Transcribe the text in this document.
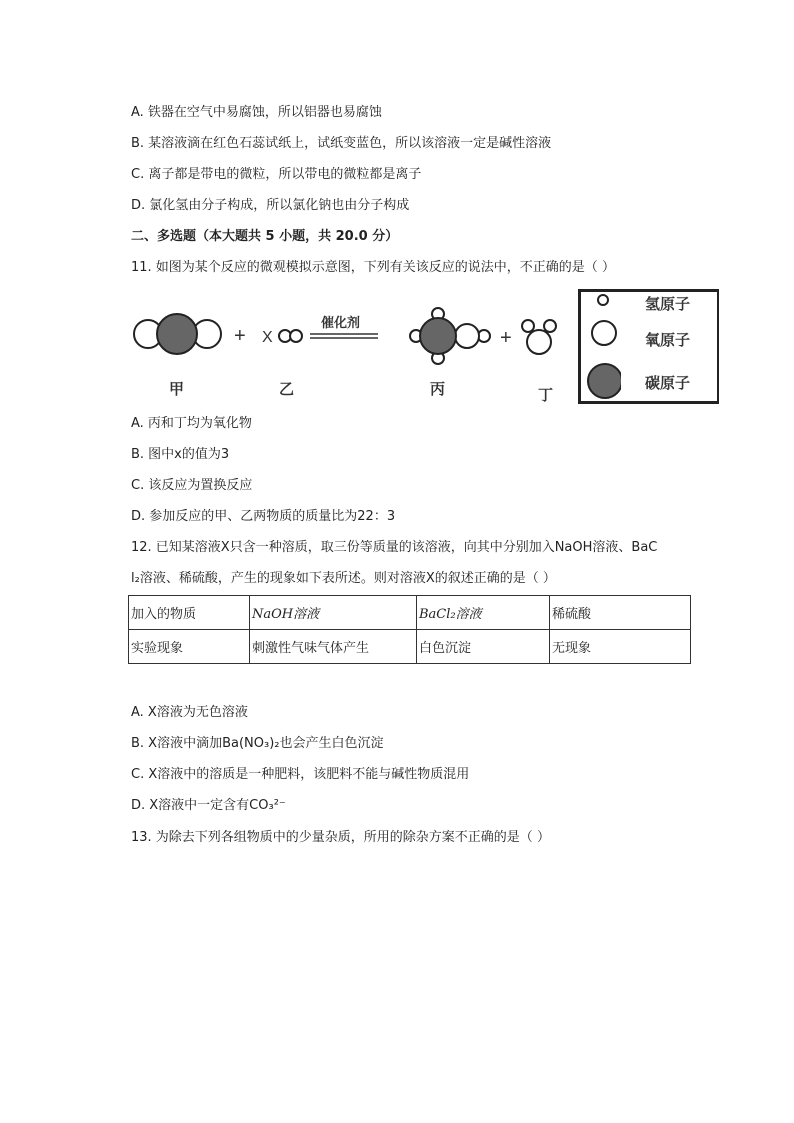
A. 铁器在空气中易腐蚀，所以铝器也易腐蚀
B. 某溶液滴在红色石蕊试纸上，试纸变蓝色，所以该溶液一定是碱性溶液
C. 离子都是带电的微粒，所以带电的微粒都是离子
D. 氯化氢由分子构成，所以氯化钠也由分子构成
二、多选题（本大题共 5 小题，共 20.0 分）
11. 如图为某个反应的微观模拟示意图，下列有关该反应的说法中，不正确的是（ ）
+ X
催化剂
+
甲	乙	丙	丁
氢原子
氧原子
碳原子
A. 丙和丁均为氧化物
B. 图中x的值为3
C. 该反应为置换反应
D. 参加反应的甲、乙两物质的质量比为22：3
12. 已知某溶液X只含一种溶质，取三份等质量的该溶液，向其中分别加入NaOH溶液、BaC
l₂溶液、稀硫酸，产生的现象如下表所述。则对溶液X的叙述正确的是（ ）
加入的物质	NaOH溶液	BaCl₂溶液	稀硫酸
实验现象	刺激性气味气体产生	白色沉淀	无现象
A. X溶液为无色溶液
B. X溶液中滴加Ba(NO₃)₂也会产生白色沉淀
C. X溶液中的溶质是一种肥料，该肥料不能与碱性物质混用
D. X溶液中一定含有CO₃²⁻
13. 为除去下列各组物质中的少量杂质，所用的除杂方案不正确的是（ ）
